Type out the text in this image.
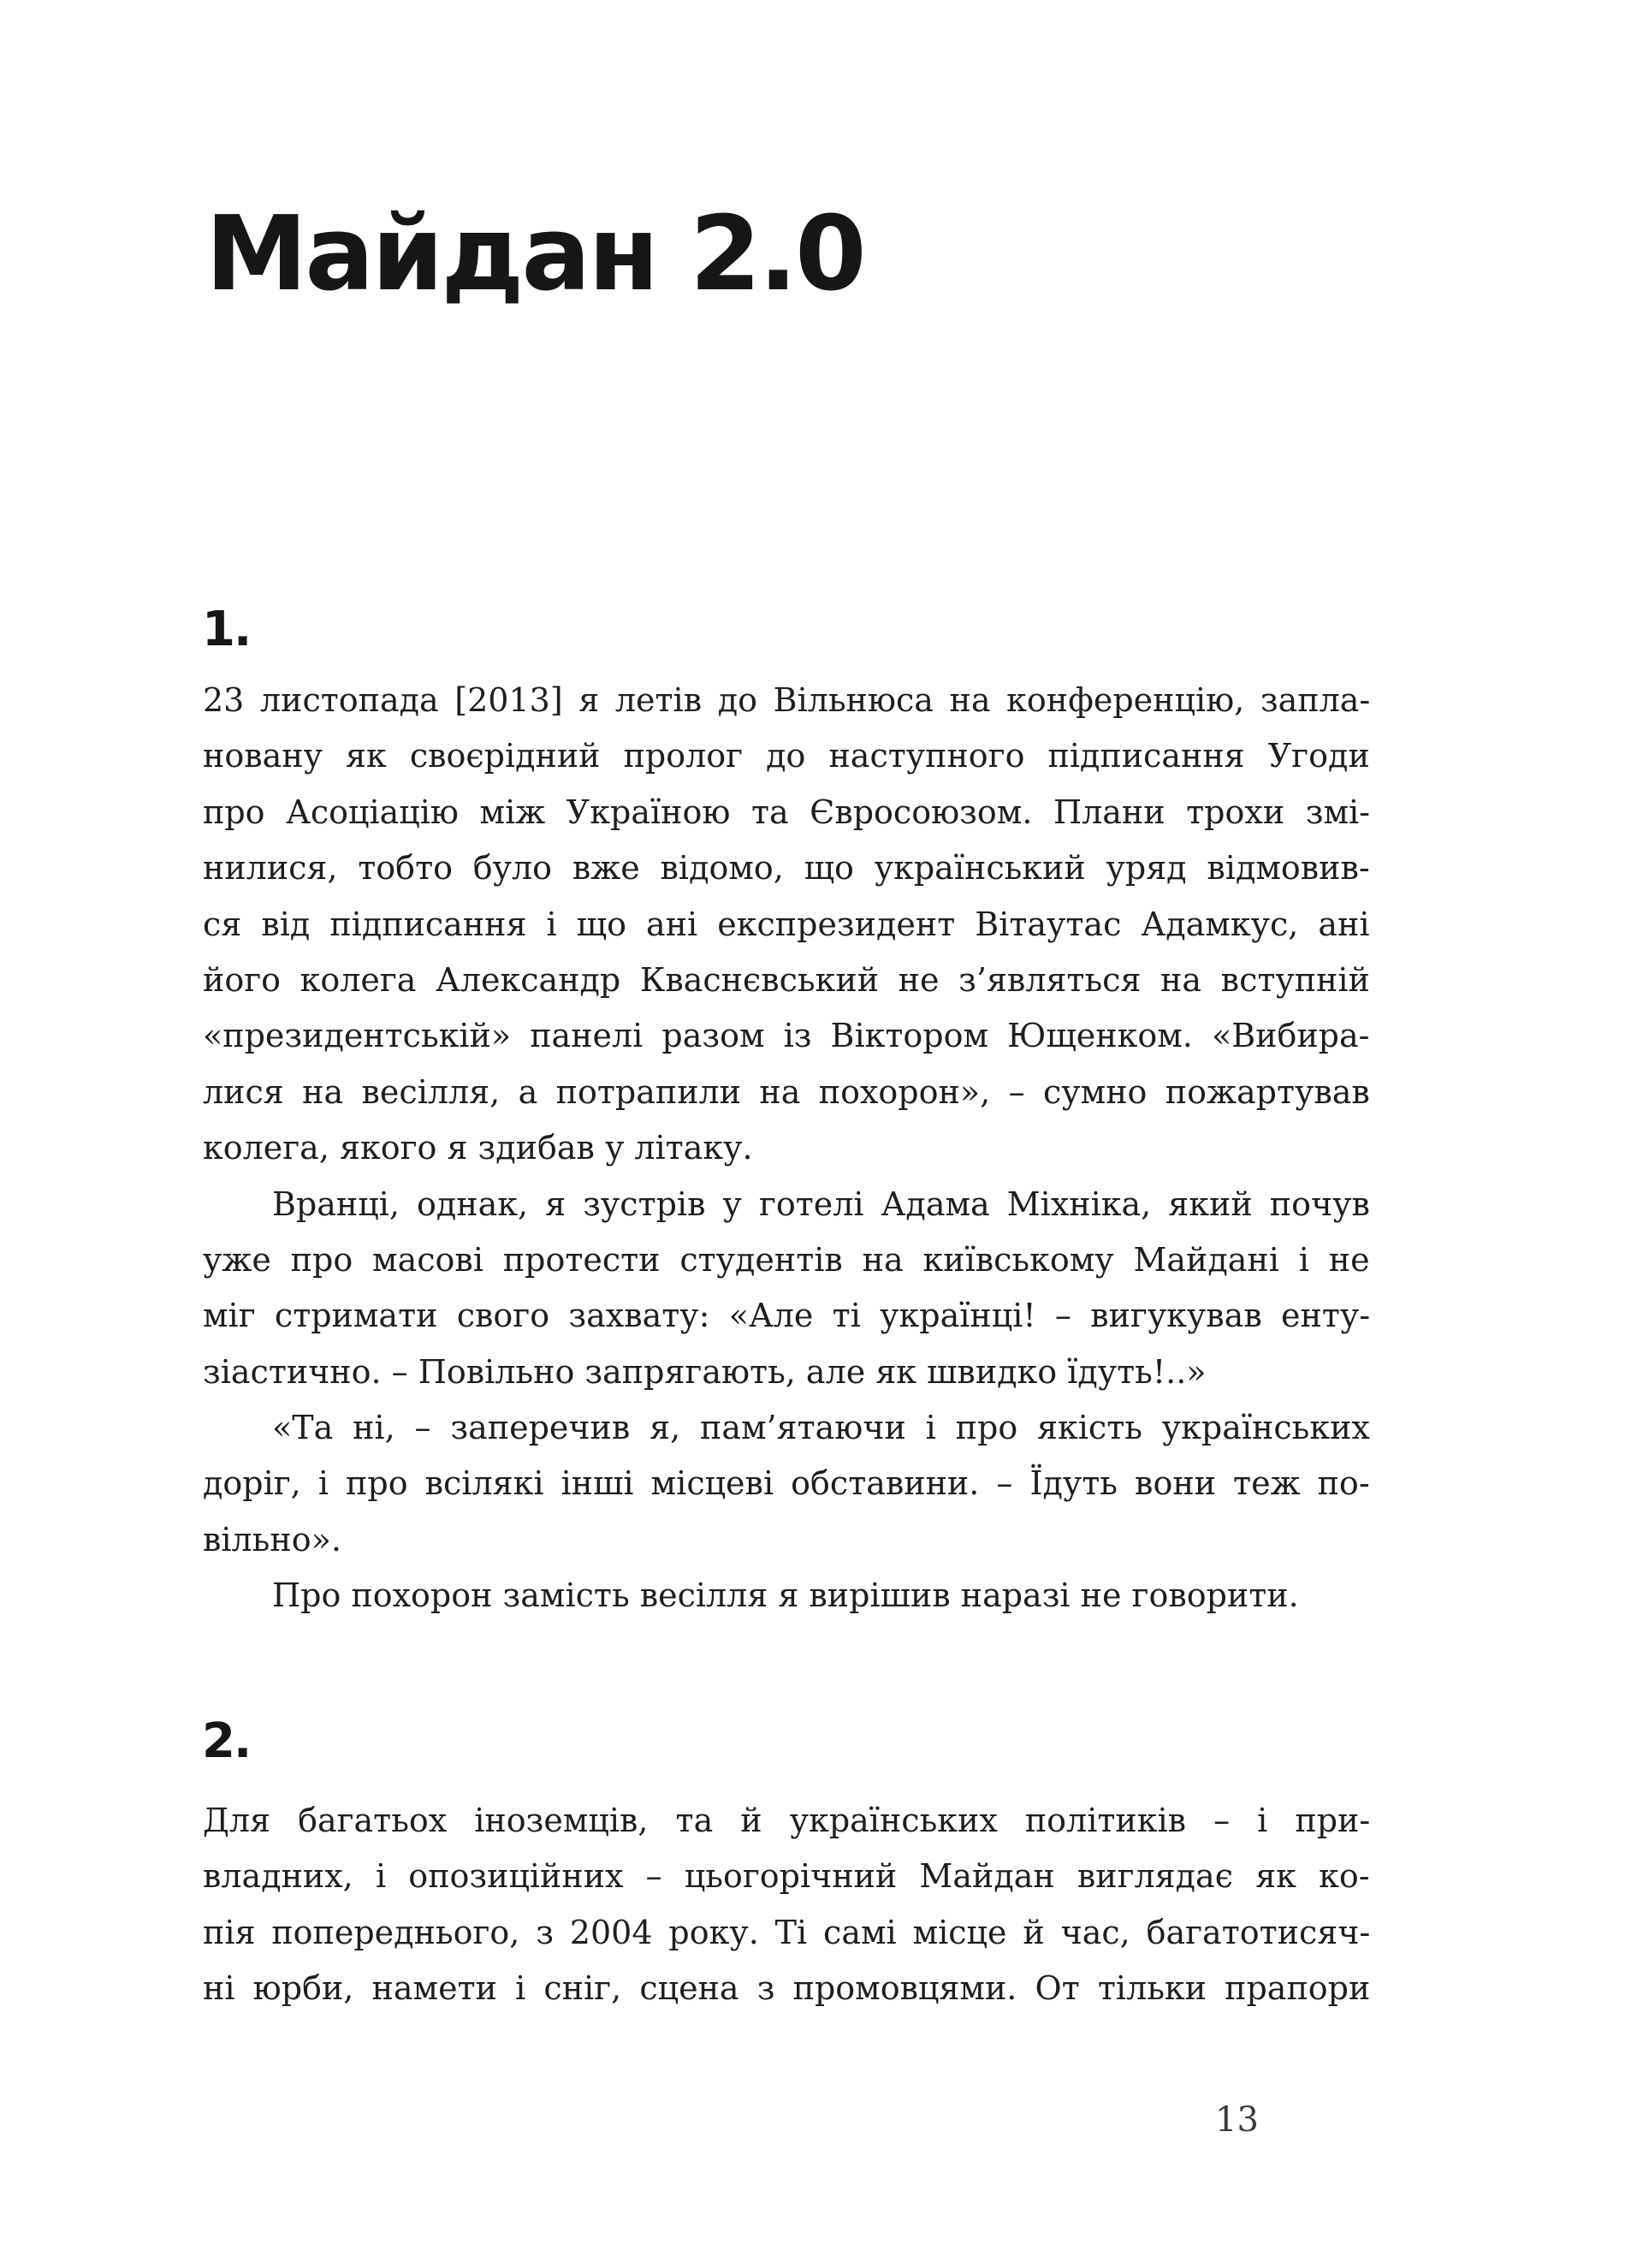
Майдан 2.0
1.
23 листопада [2013] я летів до Вільнюса на конференцію, запла-
новану як своєрідний пролог до наступного підписання Угоди
про Асоціацію між Україною та Євросоюзом. Плани трохи змі-
нилися, тобто було вже відомо, що український уряд відмовив-
ся від підписання і що ані експрезидент Вітаутас Адамкус, ані
його колега Александр Кваснєвський не з’являться на вступній
«президентській» панелі разом із Віктором Ющенком. «Вибира-
лися на весілля, а потрапили на похорон», – сумно пожартував
колега, якого я здибав у літаку.
Вранці, однак, я зустрів у готелі Адама Міхніка, який почув
уже про масові протести студентів на київському Майдані і не
міг стримати свого захвату: «Але ті українці! – вигукував енту-
зіастично. – Повільно запрягають, але як швидко їдуть!..»
«Та ні, – заперечив я, пам’ятаючи і про якість українських
доріг, і про всілякі інші місцеві обставини. – Їдуть вони теж по-
вільно».
Про похорон замість весілля я вирішив наразі не говорити.
2.
Для багатьох іноземців, та й українських політиків – і при-
владних, і опозиційних – цьогорічний Майдан виглядає як ко-
пія попереднього, з 2004 року. Ті самі місце й час, багатотисяч-
ні юрби, намети і сніг, сцена з промовцями. От тільки прапори
13
